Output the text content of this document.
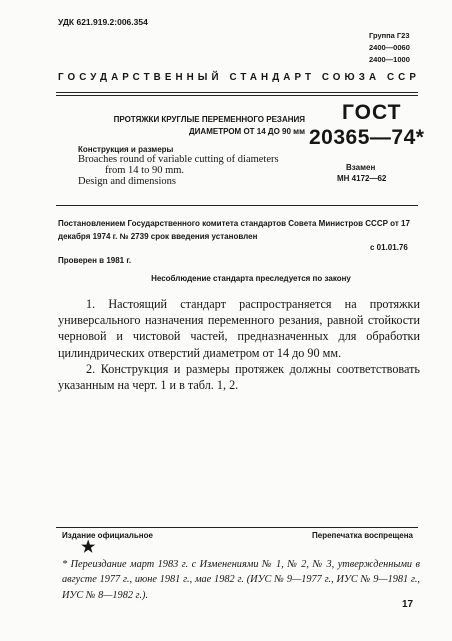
УДК 621.919.2:006.354
Группа Г23
2400—0060
2400—1000
ГОСУДАРСТВЕННЫЙ СТАНДАРТ СОЮЗА ССР
ПРОТЯЖКИ КРУГЛЫЕ ПЕРЕМЕННОГО РЕЗАНИЯ
ДИАМЕТРОМ ОТ 14 ДО 90 мм
Конструкция и размеры
Broaches round of variable cutting of diameters
from 14 to 90 mm.
Design and dimensions
ГОСТ
20365—74*
Взамен
МН 4172—62
Постановлением Государственного комитета стандартов Совета Министров СССР от 17 декабря 1974 г. № 2739 срок введения установлен
с 01.01.76
Проверен в 1981 г.
Несоблюдение стандарта преследуется по закону

1. Настоящий стандарт распространяется на протяжки универсального назначения переменного резания, равной стойкости черновой и чистовой частей, предназначенных для обработки цилиндрических отверстий диаметром от 14 до 90 мм.

2. Конструкция и размеры протяжек должны соответствовать указанным на черт. 1 и в табл. 1, 2.

Издание официальное	Перепечатка воспрещена
★
* Переиздание март 1983 г. с Изменениями № 1, № 2, № 3, утвержденными в августе 1977 г., июне 1981 г., мае 1982 г. (ИУС № 9—1977 г., ИУС № 9—1981 г., ИУС № 8—1982 г.).
17
